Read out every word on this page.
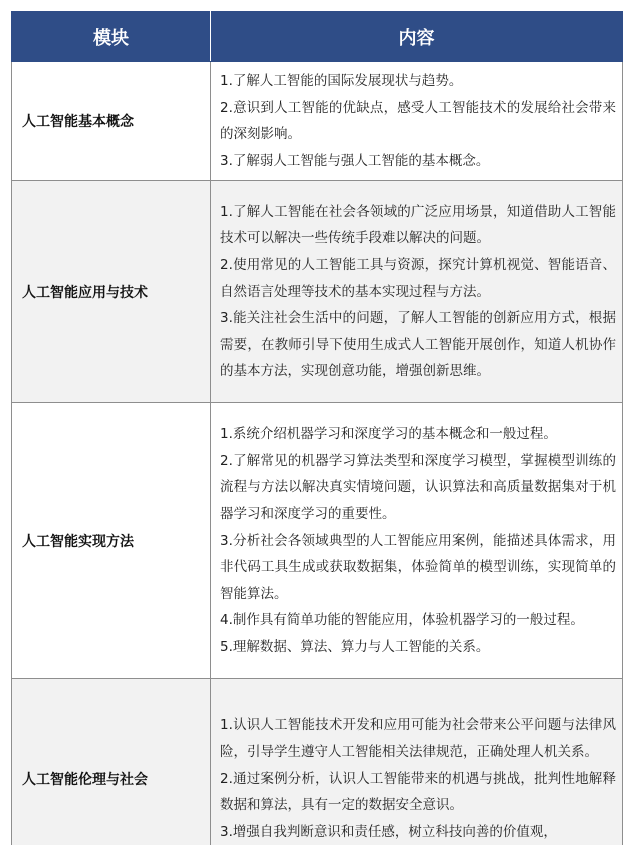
模块	内容
人工智能基本概念	1.了解人工智能的国际发展现状与趋势。
2.意识到人工智能的优缺点，感受人工智能技术的发展给社会带来的深刻影响。
3.了解弱人工智能与强人工智能的基本概念。

人工智能应用与技术	1.了解人工智能在社会各领域的广泛应用场景，知道借助人工智能技术可以解决一些传统手段难以解决的问题。
2.使用常见的人工智能工具与资源，探究计算机视觉、智能语音、自然语言处理等技术的基本实现过程与方法。
3.能关注社会生活中的问题，了解人工智能的创新应用方式，根据需要，在教师引导下使用生成式人工智能开展创作，知道人机协作的基本方法，实现创意功能，增强创新思维。

人工智能实现方法	1.系统介绍机器学习和深度学习的基本概念和一般过程。
2.了解常见的机器学习算法类型和深度学习模型，掌握模型训练的流程与方法以解决真实情境问题，认识算法和高质量数据集对于机器学习和深度学习的重要性。
3.分析社会各领域典型的人工智能应用案例，能描述具体需求，用非代码工具生成或获取数据集，体验简单的模型训练，实现简单的智能算法。
4.制作具有简单功能的智能应用，体验机器学习的一般过程。
5.理解数据、算法、算力与人工智能的关系。

人工智能伦理与社会	1.认识人工智能技术开发和应用可能为社会带来公平问题与法律风险，引导学生遵守人工智能相关法律规范，正确处理人机关系。
2.通过案例分析，认识人工智能带来的机遇与挑战，批判性地解释数据和算法，具有一定的数据安全意识。
3.增强自我判断意识和责任感，树立科技向善的价值观，
